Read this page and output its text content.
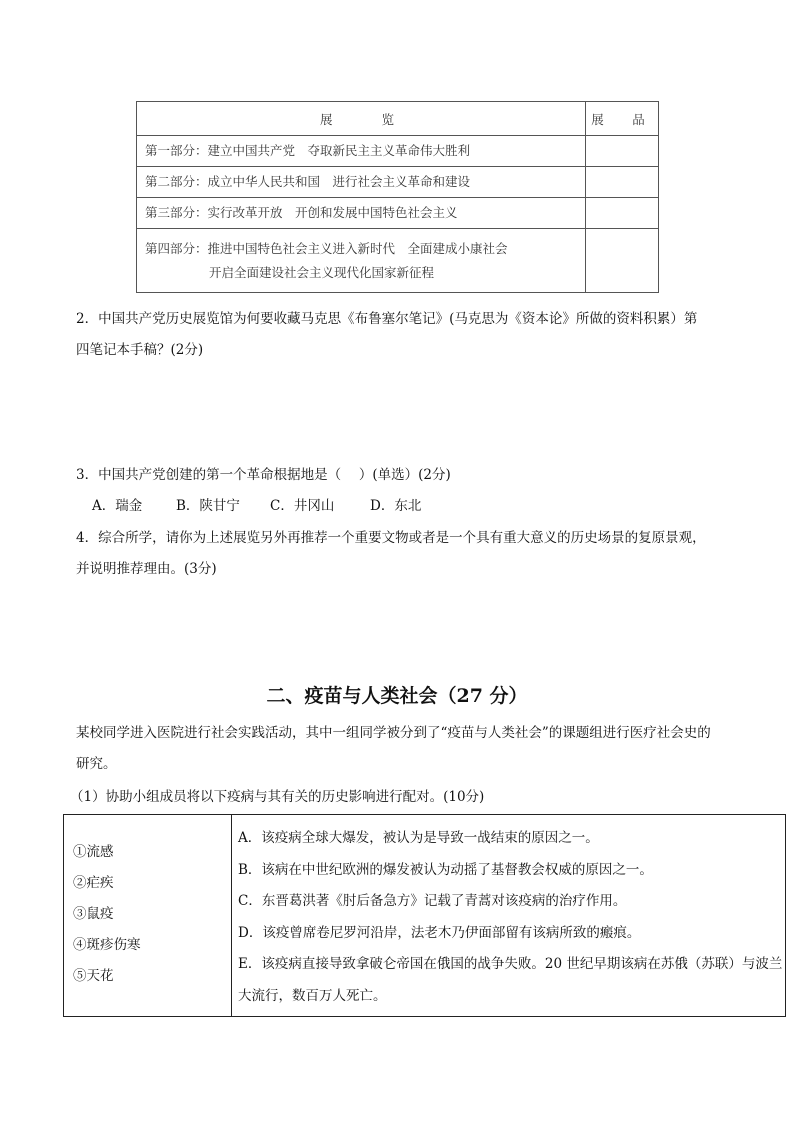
展　　览	展　品

第一部分：建立中国共产党　夺取新民主主义革命伟大胜利	

第二部分：成立中华人民共和国　进行社会主义革命和建设	

第三部分：实行改革开放　开创和发展中国特色社会主义	

第四部分：推进中国特色社会主义进入新时代　全面建成小康社会
开启全面建设社会主义现代化国家新征程	

2．中国共产党历史展览馆为何要收藏马克思《布鲁塞尔笔记》(马克思为《资本论》所做的资料积累）第
四笔记本手稿？(2分)
3．中国共产党创建的第一个革命根据地是（　 ）(单选）(2分)
A．瑞金	B．陕甘宁 C．井冈山	D．东北
4．综合所学，请你为上述展览另外再推荐一个重要文物或者是一个具有重大意义的历史场景的复原景观，
并说明推荐理由。(3分)
二、疫苗与人类社会（27 分）
某校同学进入医院进行社会实践活动，其中一组同学被分到了“疫苗与人类社会”的课题组进行医疗社会史的
研究。
（1）协助小组成员将以下疫病与其有关的历史影响进行配对。(10分)
①流感
②疟疾
③鼠疫
④斑疹伤寒
⑤天花

A．该疫病全球大爆发，被认为是导致一战结束的原因之一。
B．该病在中世纪欧洲的爆发被认为动摇了基督教会权威的原因之一。
C．东晋葛洪著《肘后备急方》记载了青蒿对该疫病的治疗作用。
D．该疫曾席卷尼罗河沿岸，法老木乃伊面部留有该病所致的瘢痕。
E．该疫病直接导致拿破仑帝国在俄国的战争失败。20 世纪早期该病在苏俄（苏联）与波兰大流行，数百万人死亡。
